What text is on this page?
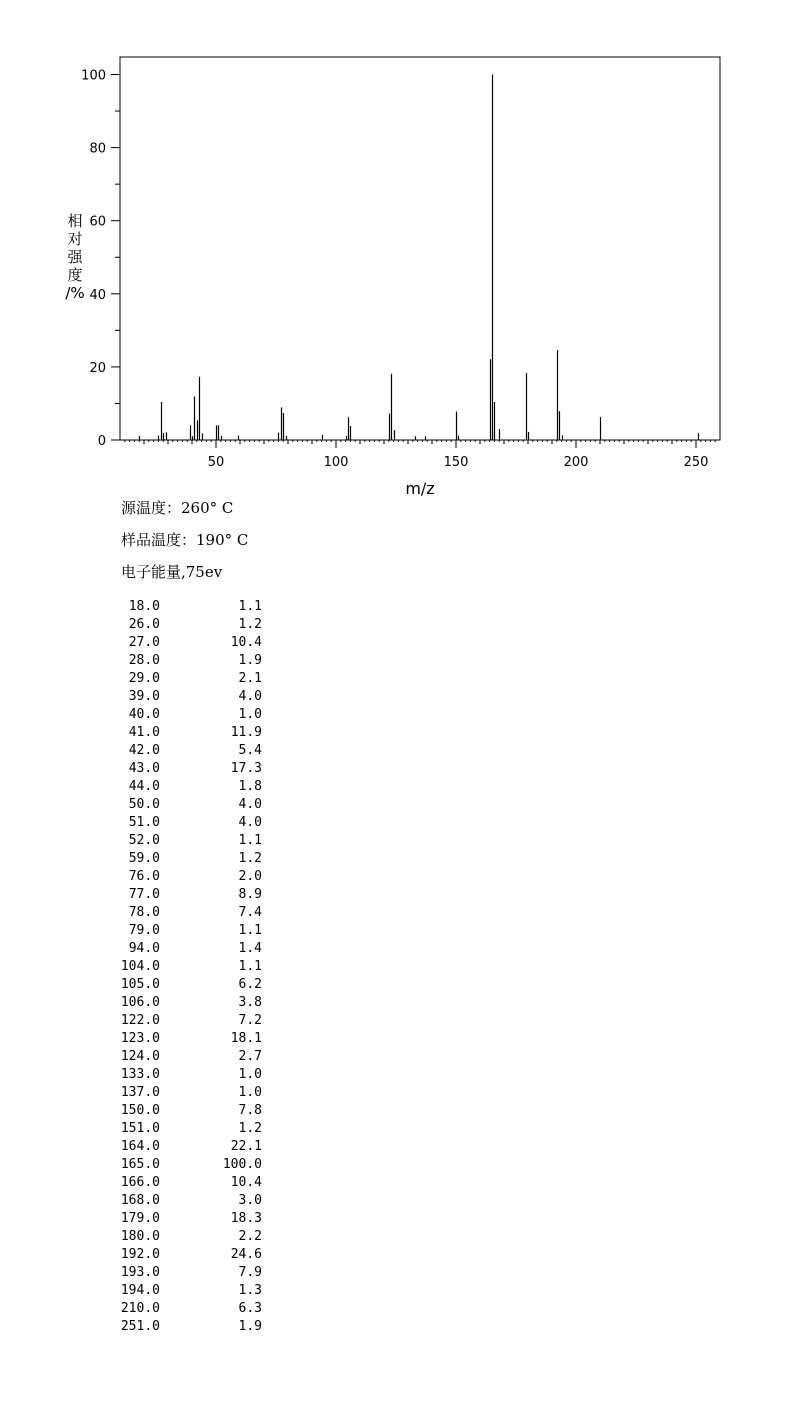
0
20
40
60
80
100
50	100	150	200	250
m/z
相
对
强
度
/%
源温度：260° C
样品温度：190° C
电子能量,75ev
18.0	1.1
26.0	1.2
27.0	10.4
28.0	1.9
29.0	2.1
39.0	4.0
40.0	1.0
41.0	11.9
42.0	5.4
43.0	17.3
44.0	1.8
50.0	4.0
51.0	4.0
52.0	1.1
59.0	1.2
76.0	2.0
77.0	8.9
78.0	7.4
79.0	1.1
94.0	1.4
104.0	1.1
105.0	6.2
106.0	3.8
122.0	7.2
123.0	18.1
124.0	2.7
133.0	1.0
137.0	1.0
150.0	7.8
151.0	1.2
164.0	22.1
165.0	100.0
166.0	10.4
168.0	3.0
179.0	18.3
180.0	2.2
192.0	24.6
193.0	7.9
194.0	1.3
210.0	6.3
251.0	1.9
